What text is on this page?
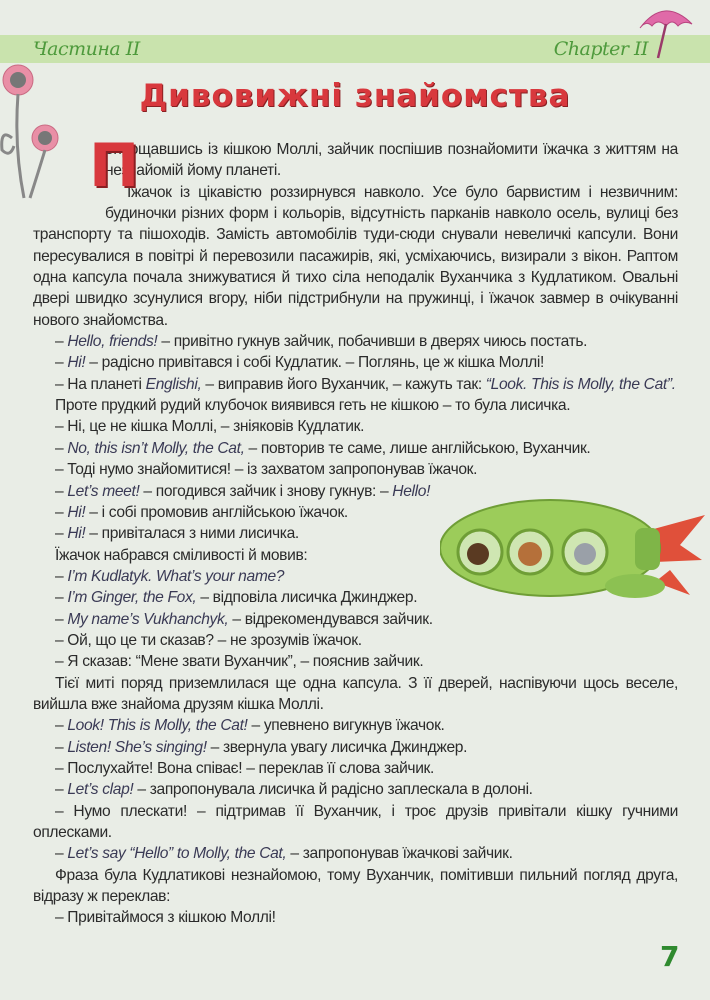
Частина ІІ	Chapter II
Дивовижні знайомства
П

опрощавшись із кішкою Моллі, зайчик поспішив познайомити їжачка з життям на незнайомій йому планеті.

Їжачок із цікавістю роззирнувся навколо. Усе було барвистим і незвичним: будиночки різних форм і кольорів, відсутність парканів навколо осель, вулиці без транспорту та пішоходів. Замість автомобілів туди-сюди снували невеличкі капсули. Вони пересувалися в повітрі й перевозили пасажирів, які, усміхаючись, визирали з вікон. Раптом одна капсула почала знижуватися й тихо сіла неподалік Вуханчика з Кудлатиком. Овальні двері швидко зсунулися вгору, ніби підстрибнули на пружинці, і їжачок завмер в очікуванні нового знайомства.

– Hello, friends! – привітно гукнув зайчик, побачивши в дверях чиюсь постать.

– Hi! – радісно привітався і собі Кудлатик. – Поглянь, це ж кішка Моллі!

– На планеті Englishi, – виправив його Вуханчик, – кажуть так: “Look. This is Molly, the Cat”.

Проте прудкий рудий клубочок виявився геть не кішкою – то була лисичка.

– Ні, це не кішка Моллі, – зніяковів Кудлатик.

– No, this isn’t Molly, the Cat, – повторив те саме, лише англійською, Вуханчик.

– Тоді нумо знайомитися! – із захватом запропонував їжачок.

– Let’s meet! – погодився зайчик і знову гукнув: – Hello!

– Hi! – і собі промовив англійською їжачок.

– Hi! – привіталася з ними лисичка.

Їжачок набрався сміливості й мовив:

– I’m Kudlatyk. What’s your name?

– I’m Ginger, the Fox, – відповіла лисичка Джинджер.

– My name’s Vukhanchyk, – відрекомендувався зайчик.

– Ой, що це ти сказав? – не зрозумів їжачок.

– Я сказав: “Мене звати Вуханчик”, – пояснив зайчик.

Тієї миті поряд приземлилася ще одна капсула. З її дверей, наспівуючи щось веселе, вийшла вже знайома друзям кішка Моллі.

– Look! This is Molly, the Cat! – упевнено вигукнув їжачок.

– Listen! She’s singing! – звернула увагу лисичка Джинджер.

– Послухайте! Вона співає! – переклав її слова зайчик.

– Let’s clap! – запропонувала лисичка й радісно заплескала в долоні.

– Нумо плескати! – підтримав її Вуханчик, і троє друзів привітали кішку гучними оплесками.

– Let’s say “Hello” to Molly, the Cat, – запропонував їжачкові зайчик.

Фраза була Кудлатикові незнайомою, тому Вуханчик, помітивши пильний погляд друга, відразу ж переклав:

– Привітаймося з кішкою Моллі!

7
